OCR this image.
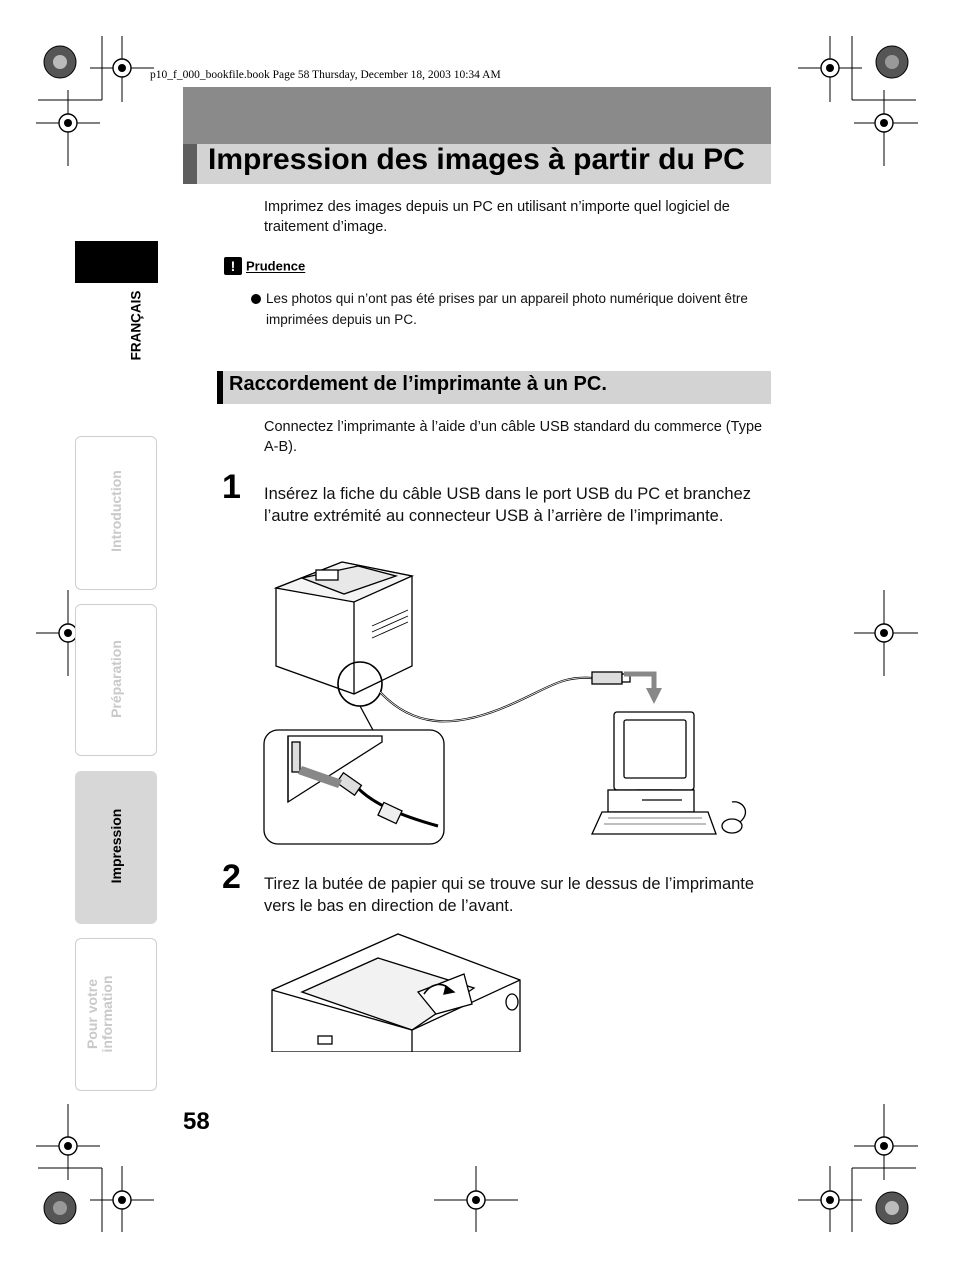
p10_f_000_bookfile.book Page 58 Thursday, December 18, 2003 10:34 AM
Impression des images à partir du PC
Imprimez des images depuis un PC en utilisant n’importe quel logiciel de traitement d’image.
! Prudence
Les photos qui n’ont pas été prises par un appareil photo numérique doivent être imprimées depuis un PC.
Raccordement de l’imprimante à un PC.
Connectez l’imprimante à l’aide d’un câble USB standard du commerce (Type A-B).
1 Insérez la fiche du câble USB dans le port USB du PC et branchez l’autre extrémité au connecteur USB à l’arrière de l’imprimante.
2 Tirez la butée de papier qui se trouve sur le dessus de l’imprimante vers le bas en direction de l’avant.
FRANÇAIS
Introduction
Préparation
Impression
Pour votre information
58
